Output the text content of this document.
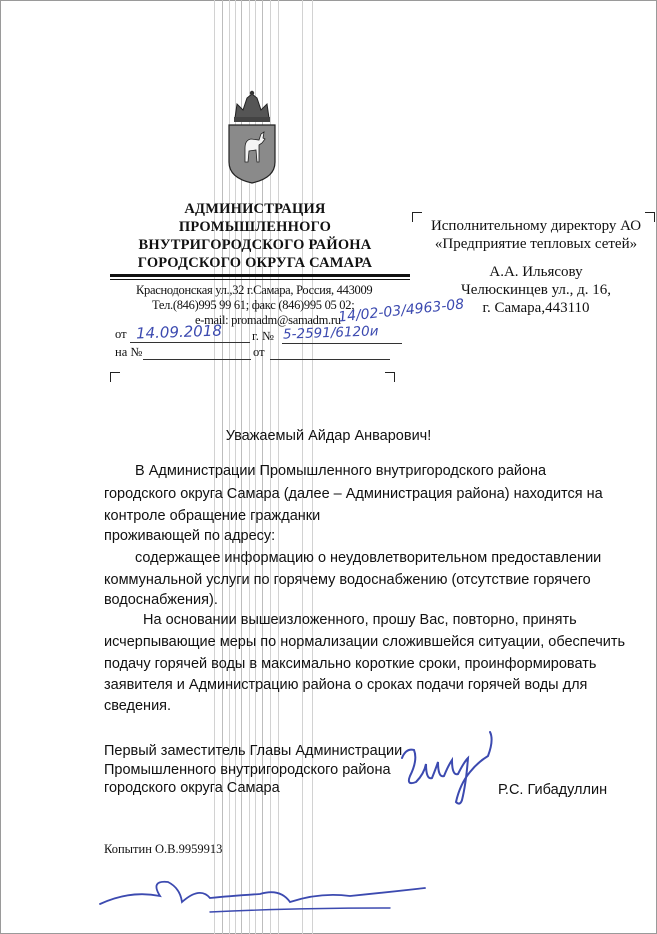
АДМИНИСТРАЦИЯ
ПРОМЫШЛЕННОГО
ВНУТРИГОРОДСКОГО РАЙОНА
ГОРОДСКОГО ОКРУГА САМАРА
Краснодонская ул.,32 г.Самара, Россия, 443009
Тел.(846)995 99 61; факс (846)995 05 02;
e-mail: promadm@samadm.ru
от 14.09.2018 г. № 5-2591/6120и
14/02-03/4963-08
на №	от
Исполнительному директору АО
«Предприятие тепловых сетей»
А.А. Ильясову
Челюскинцев ул., д. 16,
г. Самара,443110
Уважаемый Айдар Анварович!
В Администрации Промышленного внутригородского района
городского округа Самара (далее – Администрация района) находится на
контроле обращение гражданки
проживающей по адресу:
содержащее информацию о неудовлетворительном предоставлении
коммунальной услуги по горячему водоснабжению (отсутствие горячего
водоснабжения).
На основании вышеизложенного, прошу Вас, повторно, принять
исчерпывающие меры по нормализации сложившейся ситуации, обеспечить
подачу горячей воды в максимально короткие сроки, проинформировать
заявителя и Администрацию района о сроках подачи горячей воды для
сведения.
Первый заместитель Главы Администрации
Промышленного внутригородского района
городского округа Самара	Р.С. Гибадуллин
Копытин О.В.9959913
